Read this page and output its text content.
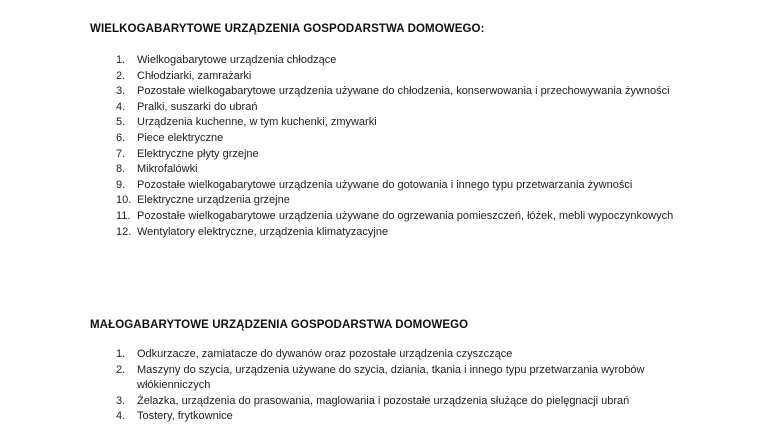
WIELKOGABARYTOWE URZĄDZENIA GOSPODARSTWA DOMOWEGO:
1. Wielkogabarytowe urządzenia chłodzące
2. Chłodziarki, zamrażarki
3. Pozostałe wielkogabarytowe urządzenia używane do chłodzenia, konserwowania i przechowywania żywności
4. Pralki, suszarki do ubrań
5. Urządzenia kuchenne, w tym kuchenki, zmywarki
6. Piece elektryczne
7. Elektryczne płyty grzejne
8. Mikrofalówki
9. Pozostałe wielkogabarytowe urządzenia używane do gotowania i innego typu przetwarzania żywności
10. Elektryczne urządzenia grzejne
11. Pozostałe wielkogabarytowe urządzenia używane do ogrzewania pomieszczeń, łóżek, mebli wypoczynkowych
12. Wentylatory elektryczne, urządzenia klimatyzacyjne
MAŁOGABARYTOWE URZĄDZENIA GOSPODARSTWA DOMOWEGO
1. Odkurzacze, zamiatacze do dywanów oraz pozostałe urządzenia czyszczące
2. Maszyny do szycia, urządzenia używane do szycia, dziania, tkania i innego typu przetwarzania wyrobów włókienniczych
3. Żelazka, urządzenia do prasowania, maglowania i pozostałe urządzenia służące do pielęgnacji ubrań
4. Tostery, frytkownice
